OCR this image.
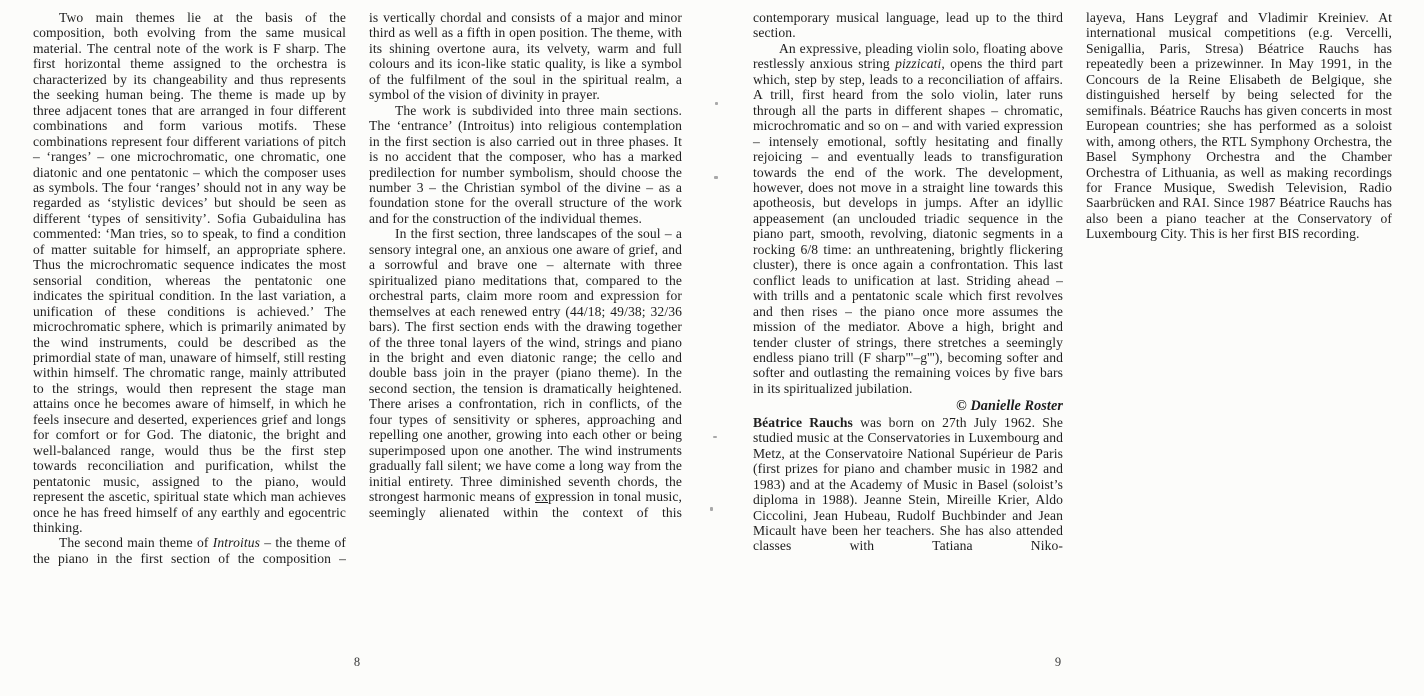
Two main themes lie at the basis of the composition, both evolving from the same musical material. The central note of the work is F sharp. The first horizontal theme assigned to the orchestra is characterized by its changeability and thus represents the seeking human being. The theme is made up by three adjacent tones that are arranged in four different combinations and form various motifs. These combinations represent four different variations of pitch – ‘ranges’ – one microchromatic, one chromatic, one diatonic and one pentatonic – which the composer uses as symbols. The four ‘ranges’ should not in any way be regarded as ‘stylistic devices’ but should be seen as different ‘types of sensitivity’. Sofia Gubaidulina has commented: ‘Man tries, so to speak, to find a condition of matter suitable for himself, an appropriate sphere. Thus the microchromatic sequence indicates the most sensorial condition, whereas the pentatonic one indicates the spiritual condition. In the last variation, a unification of these conditions is achieved.’ The microchromatic sphere, which is primarily animated by the wind instruments, could be described as the primordial state of man, unaware of himself, still resting within himself. The chromatic range, mainly attributed to the strings, would then represent the stage man attains once he becomes aware of himself, in which he feels insecure and deserted, experiences grief and longs for comfort or for God. The diatonic, the bright and well-balanced range, would thus be the first step towards reconciliation and purification, whilst the pentatonic music, assigned to the piano, would represent the ascetic, spiritual state which man achieves once he has freed himself of any earthly and egocentric thinking.

The second main theme of Introitus – the theme of the piano in the first section of the composition –

is vertically chordal and consists of a major and minor third as well as a fifth in open position. The theme, with its shining overtone aura, its velvety, warm and full colours and its icon-like static quality, is like a symbol of the fulfilment of the soul in the spiritual realm, a symbol of the vision of divinity in prayer.

The work is subdivided into three main sections. The ‘entrance’ (Introitus) into religious contemplation in the first section is also carried out in three phases. It is no accident that the composer, who has a marked predilection for number symbolism, should choose the number 3 – the Christian symbol of the divine – as a foundation stone for the overall structure of the work and for the construction of the individual themes.

In the first section, three landscapes of the soul – a sensory integral one, an anxious one aware of grief, and a sorrowful and brave one – alternate with three spiritualized piano meditations that, compared to the orchestral parts, claim more room and expression for themselves at each renewed entry (44/18; 49/38; 32/36 bars). The first section ends with the drawing together of the three tonal layers of the wind, strings and piano in the bright and even diatonic range; the cello and double bass join in the prayer (piano theme). In the second section, the tension is dramatically heightened. There arises a confrontation, rich in conflicts, of the four types of sensitivity or spheres, approaching and repelling one another, growing into each other or being superimposed upon one another. The wind instruments gradually fall silent; we have come a long way from the initial entirety. Three diminished seventh chords, the strongest harmonic means of expression in tonal music, seemingly alienated within the context of this

8

contemporary musical language, lead up to the third section.

An expressive, pleading violin solo, floating above restlessly anxious string pizzicati, opens the third part which, step by step, leads to a reconciliation of affairs. A trill, first heard from the solo violin, later runs through all the parts in different shapes – chromatic, microchromatic and so on – and with varied expression – intensely emotional, softly hesitating and finally rejoicing – and eventually leads to transfiguration towards the end of the work. The development, however, does not move in a straight line towards this apotheosis, but develops in jumps. After an idyllic appeasement (an unclouded triadic sequence in the piano part, smooth, revolving, diatonic segments in a rocking 6/8 time: an unthreatening, brightly flickering cluster), there is once again a confrontation. This last conflict leads to unification at last. Striding ahead – with trills and a pentatonic scale which first revolves and then rises – the piano once more assumes the mission of the mediator. Above a high, bright and tender cluster of strings, there stretches a seemingly endless piano trill (F sharp'''–g'''), becoming softer and softer and outlasting the remaining voices by five bars in its spiritualized jubilation.

© Danielle Roster

Béatrice Rauchs was born on 27th July 1962. She studied music at the Conservatories in Luxembourg and Metz, at the Conservatoire National Supérieur de Paris (first prizes for piano and chamber music in 1982 and 1983) and at the Academy of Music in Basel (soloist’s diploma in 1988). Jeanne Stein, Mireille Krier, Aldo Ciccolini, Jean Hubeau, Rudolf Buchbinder and Jean Micault have been her teachers. She has also attended classes with Tatiana Niko-

layeva, Hans Leygraf and Vladimir Kreiniev. At international musical competitions (e.g. Vercelli, Senigallia, Paris, Stresa) Béatrice Rauchs has repeatedly been a prizewinner. In May 1991, in the Concours de la Reine Elisabeth de Belgique, she distinguished herself by being selected for the semifinals. Béatrice Rauchs has given concerts in most European countries; she has performed as a soloist with, among others, the RTL Symphony Orchestra, the Basel Symphony Orchestra and the Chamber Orchestra of Lithuania, as well as making recordings for France Musique, Swedish Television, Radio Saarbrücken and RAI. Since 1987 Béatrice Rauchs has also been a piano teacher at the Conservatory of Luxembourg City. This is her first BIS recording.

9
